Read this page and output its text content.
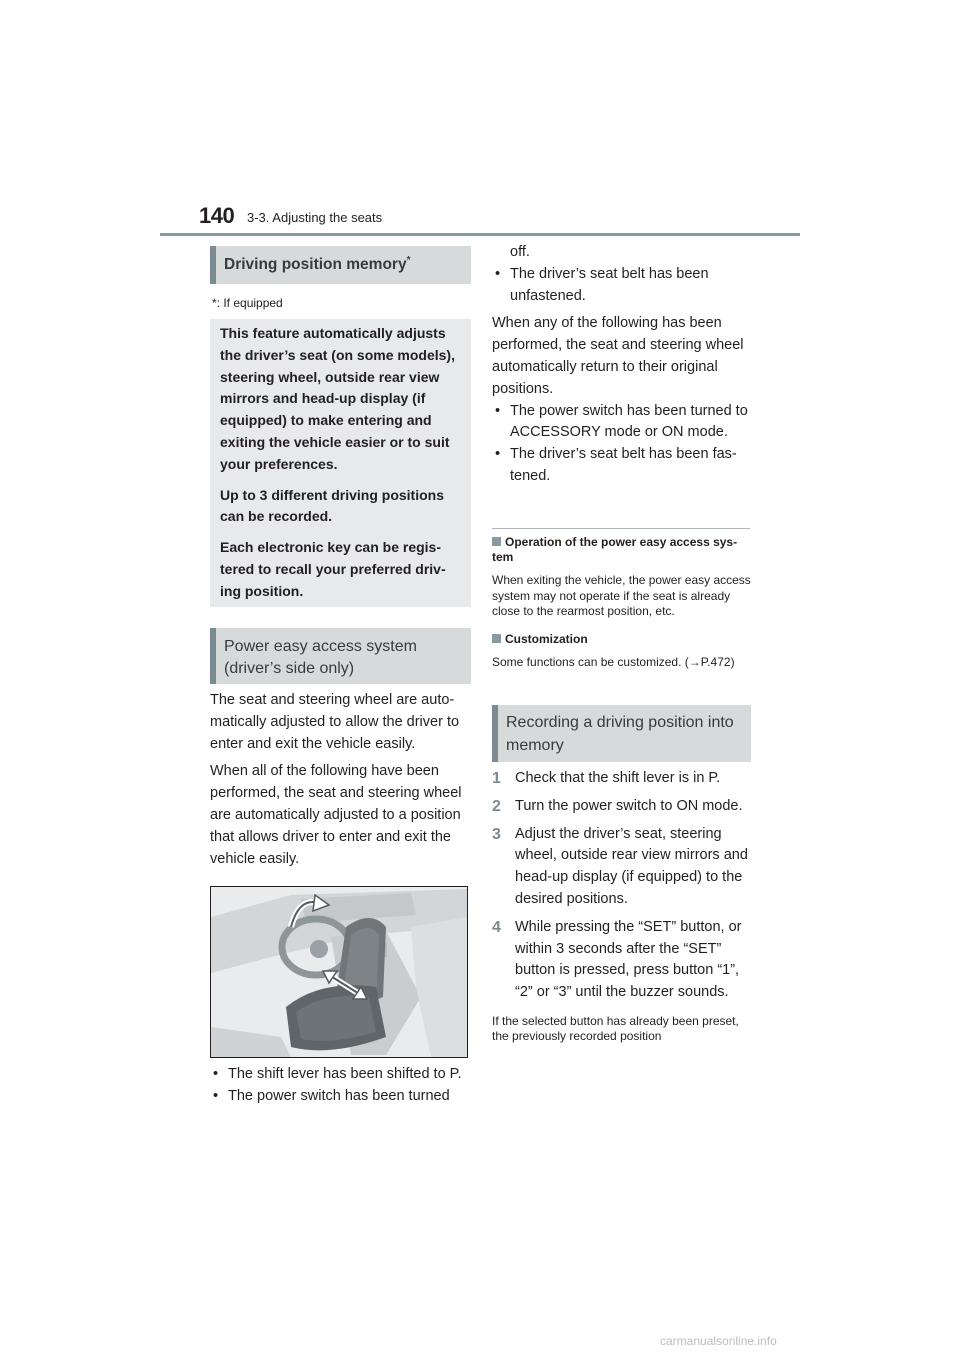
140 3-3. Adjusting the seats
Driving position memory*
*: If equipped

This feature automatically adjusts the driver’s seat (on some models), steering wheel, outside rear view mirrors and head-up display (if equipped) to make entering and exiting the vehicle easier or to suit your preferences.

Up to 3 different driving positions can be recorded.

Each electronic key can be regis-tered to recall your preferred driv-ing position.

Power easy access system (driver’s side only)

The seat and steering wheel are auto-matically adjusted to allow the driver to enter and exit the vehicle easily.

When all of the following have been performed, the seat and steering wheel are automatically adjusted to a position that allows driver to enter and exit the vehicle easily.

• The shift lever has been shifted to P.
• The power switch has been turned
off.
• The driver’s seat belt has been unfastened.
When any of the following has been performed, the seat and steering wheel automatically return to their original positions.
• The power switch has been turned to ACCESSORY mode or ON mode.
• The driver’s seat belt has been fas-tened.
Operation of the power easy access sys-tem
When exiting the vehicle, the power easy access system may not operate if the seat is already close to the rearmost position, etc.
Customization
Some functions can be customized. (→P.472)
Recording a driving position into memory
1 Check that the shift lever is in P.
2 Turn the power switch to ON mode.
3 Adjust the driver’s seat, steering wheel, outside rear view mirrors and head-up display (if equipped) to the desired positions.
4 While pressing the “SET” button, or within 3 seconds after the “SET” button is pressed, press button “1”, “2” or “3” until the buzzer sounds.
If the selected button has already been preset, the previously recorded position
carmanualsonline.info
